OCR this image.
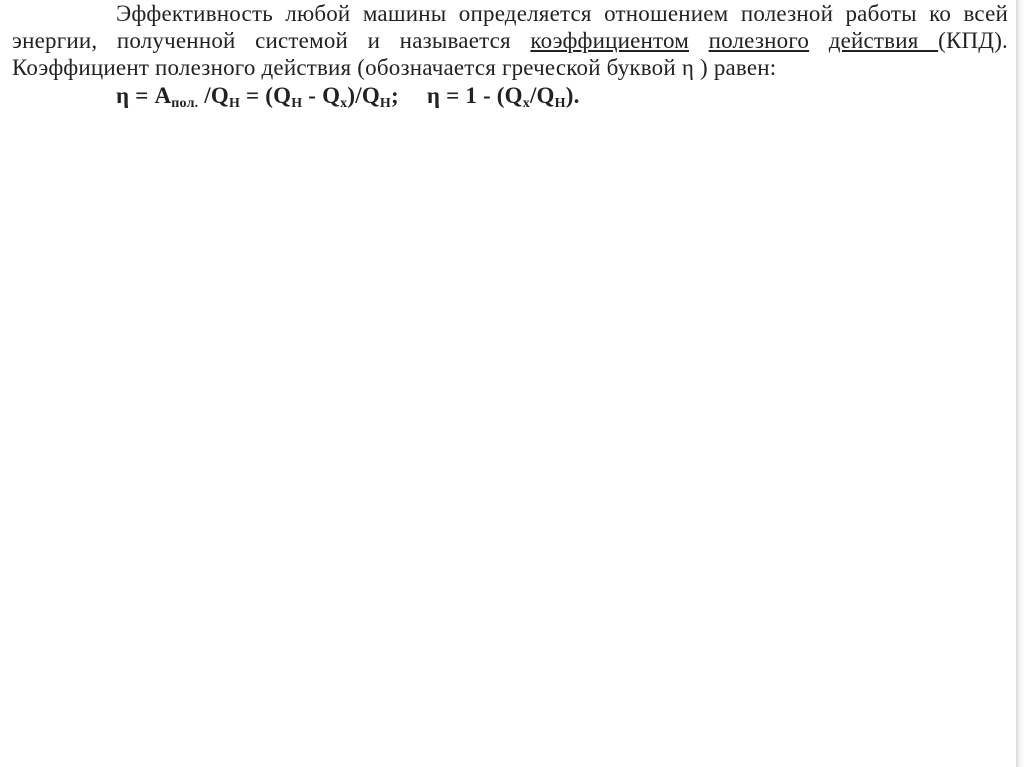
Эффективность любой машины определяется отношением полезной работы ко всей энергии, полученной системой и называется коэффициентом полезного действия (КПД). Коэффициент полезного действия (обозначается греческой буквой η ) равен:

$\eta = A_{пол.}$ $/Q_Н = (Q_Н - Q_х)/Q_Н$; $\eta = 1 - (Q_х/Q_Н)$.
